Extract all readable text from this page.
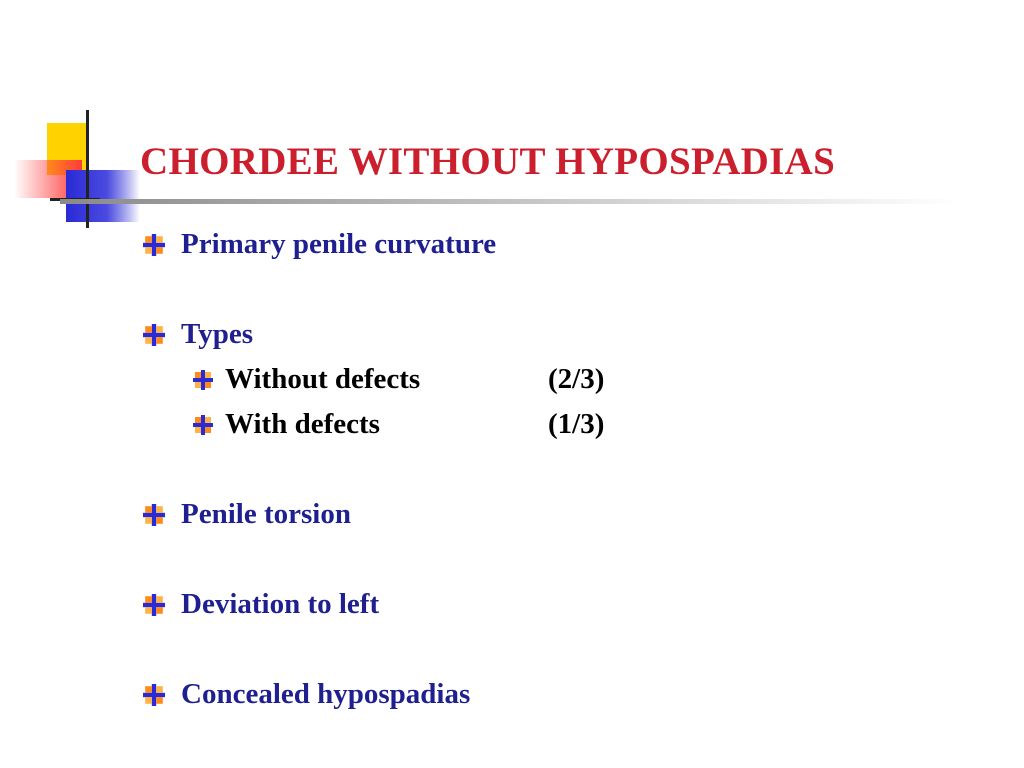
CHORDEE WITHOUT HYPOSPADIAS
Primary penile curvature
Types
Without defects	(2/3)
With defects	(1/3)
Penile torsion
Deviation to left
Concealed hypospadias
